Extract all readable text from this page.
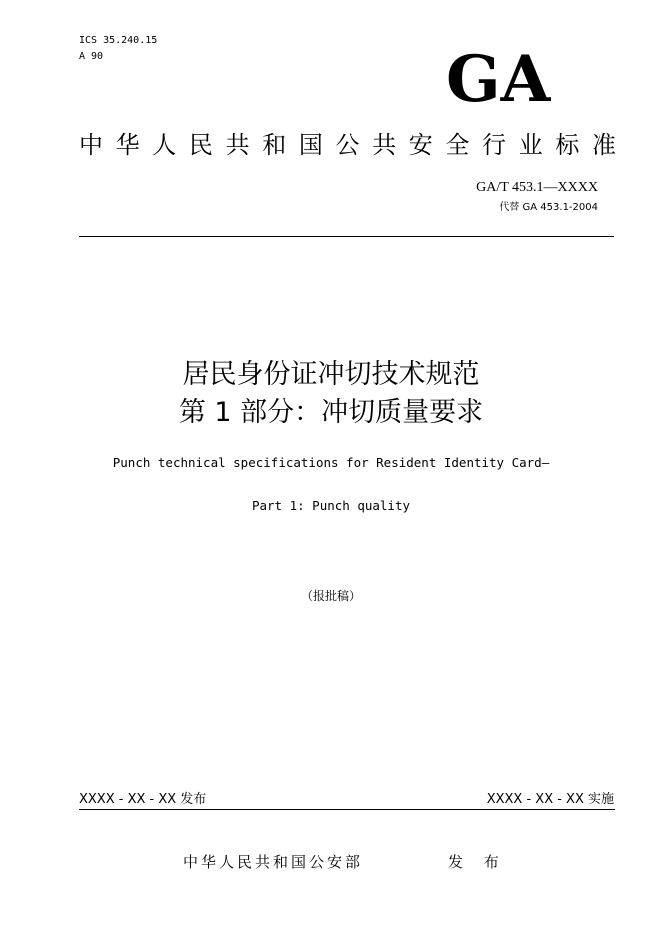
ICS 35.240.15
A 90	GA
中 华 人 民 共 和 国 公 共 安 全 行 业 标 准
GA/T 453.1—XXXX
代替 GA 453.1-2004
居民身份证冲切技术规范
第 1 部分：冲切质量要求
Punch technical specifications for Resident Identity Card—
Part 1: Punch quality
（报批稿）
XXXX - XX - XX 发布	XXXX - XX - XX 实施
中华人民共和国公安部	发 布
